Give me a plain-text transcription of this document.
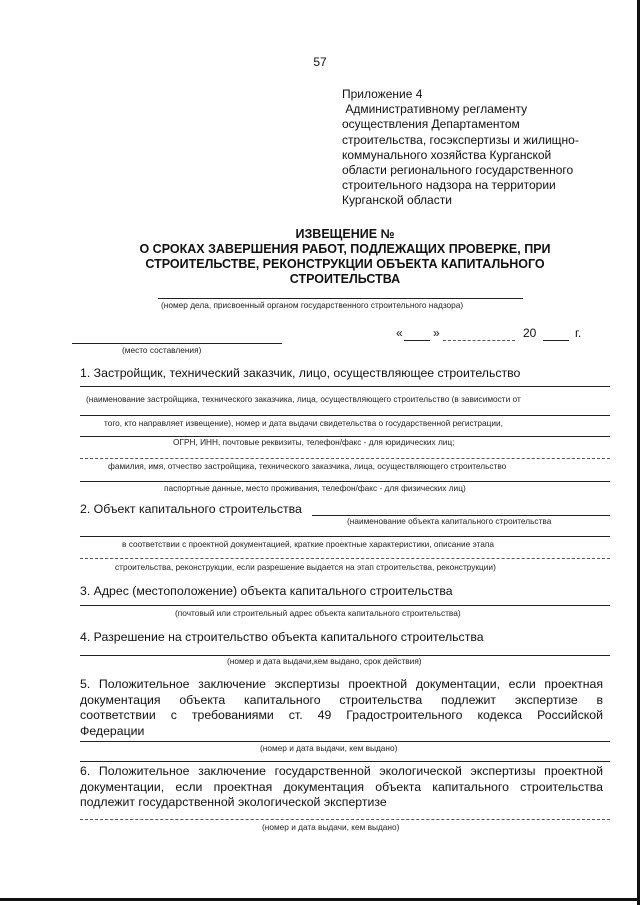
57
Приложение 4
Административному регламенту
осуществления Департаментом
строительства, госэкспертизы и жилищно-
коммунального хозяйства Курганской
области регионального государственного
строительного надзора на территории
Курганской области
ИЗВЕЩЕНИЕ №
О СРОКАХ ЗАВЕРШЕНИЯ РАБОТ, ПОДЛЕЖАЩИХ ПРОВЕРКЕ, ПРИ
СТРОИТЕЛЬСТВЕ, РЕКОНСТРУКЦИИ ОБЪЕКТА КАПИТАЛЬНОГО
СТРОИТЕЛЬСТВА
(номер дела, присвоенный органом государственного строительного надзора)
«	»	20	г.
(место составления)
1. Застройщик, технический заказчик, лицо, осуществляющее строительство
(наименование застройщика, технического заказчика, лица, осуществляющего строительство (в зависимости от
того, кто направляет извещение), номер и дата выдачи свидетельства о государственной регистрации,
ОГРН, ИНН, почтовые реквизиты, телефон/факс - для юридических лиц;
фамилия, имя, отчество застройщика, технического заказчика, лица, осуществляющего строительство
паспортные данные, место проживания, телефон/факс - для физических лиц)
2. Объект капитального строительства
(наименование объекта капитального строительства
в соответствии с проектной документацией, краткие проектные характеристики, описание этапа
строительства, реконструкции, если разрешение выдается на этап строительства, реконструкции)
3. Адрес (местоположение) объекта капитального строительства
(почтовый или строительный адрес объекта капитального строительства)
4. Разрешение на строительство объекта капитального строительства
(номер и дата выдачи,кем выдано, срок действия)
5. Положительное заключение экспертизы проектной документации, если проектная
документация объекта капитального строительства подлежит экспертизе в
соответствии с требованиями ст. 49 Градостроительного кодекса Российской
Федерации
(номер и дата выдачи, кем выдано)
6. Положительное заключение государственной экологической экспертизы проектной
документации, если проектная документация объекта капитального строительства
подлежит государственной экологической экспертизе
(номер и дата выдачи, кем выдано)
